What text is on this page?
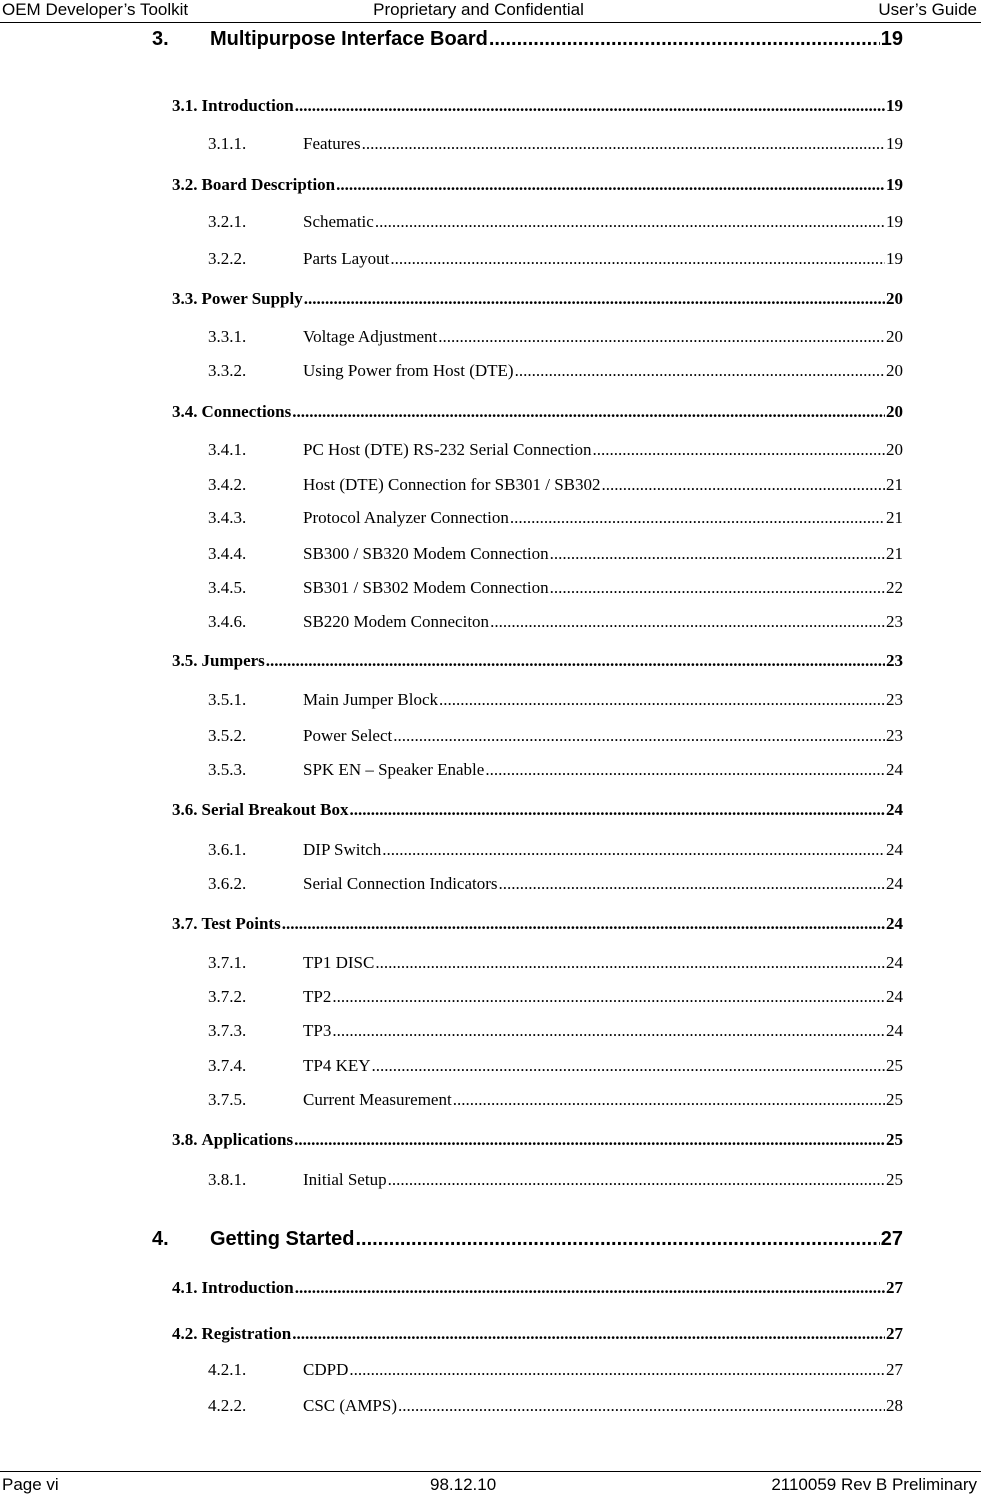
OEM Developer’s Toolkit	Proprietary and Confidential	User’s Guide
3.	Multipurpose Interface Board .....	19
3.1. Introduction .....	19
3.1.1.	Features .....	19
3.2. Board Description .....	19
3.2.1.	Schematic .....	19
3.2.2.	Parts Layout .....	19
3.3. Power Supply .....	20
3.3.1.	Voltage Adjustment .....	20
3.3.2.	Using Power from Host (DTE) .....	20
3.4. Connections .....	20
3.4.1.	PC Host (DTE) RS-232 Serial Connection .....	20
3.4.2.	Host (DTE) Connection for SB301 / SB302 .....	21
3.4.3.	Protocol Analyzer Connection .....	21
3.4.4.	SB300 / SB320 Modem Connection .....	21
3.4.5.	SB301 / SB302 Modem Connection .....	22
3.4.6.	SB220 Modem Conneciton .....	23
3.5. Jumpers .....	23
3.5.1.	Main Jumper Block .....	23
3.5.2.	Power Select .....	23
3.5.3.	SPK EN – Speaker Enable .....	24
3.6. Serial Breakout Box .....	24
3.6.1.	DIP Switch .....	24
3.6.2.	Serial Connection Indicators .....	24
3.7. Test Points .....	24
3.7.1.	TP1 DISC .....	24
3.7.2.	TP2 .....	24
3.7.3.	TP3 .....	24
3.7.4.	TP4 KEY .....	25
3.7.5.	Current Measurement .....	25
3.8. Applications .....	25
3.8.1.	Initial Setup .....	25
4.	Getting Started .....	27
4.1. Introduction .....	27
4.2. Registration .....	27
4.2.1.	CDPD .....	27
4.2.2.	CSC (AMPS) .....	28
Page vi	98.12.10	2110059 Rev B Preliminary
